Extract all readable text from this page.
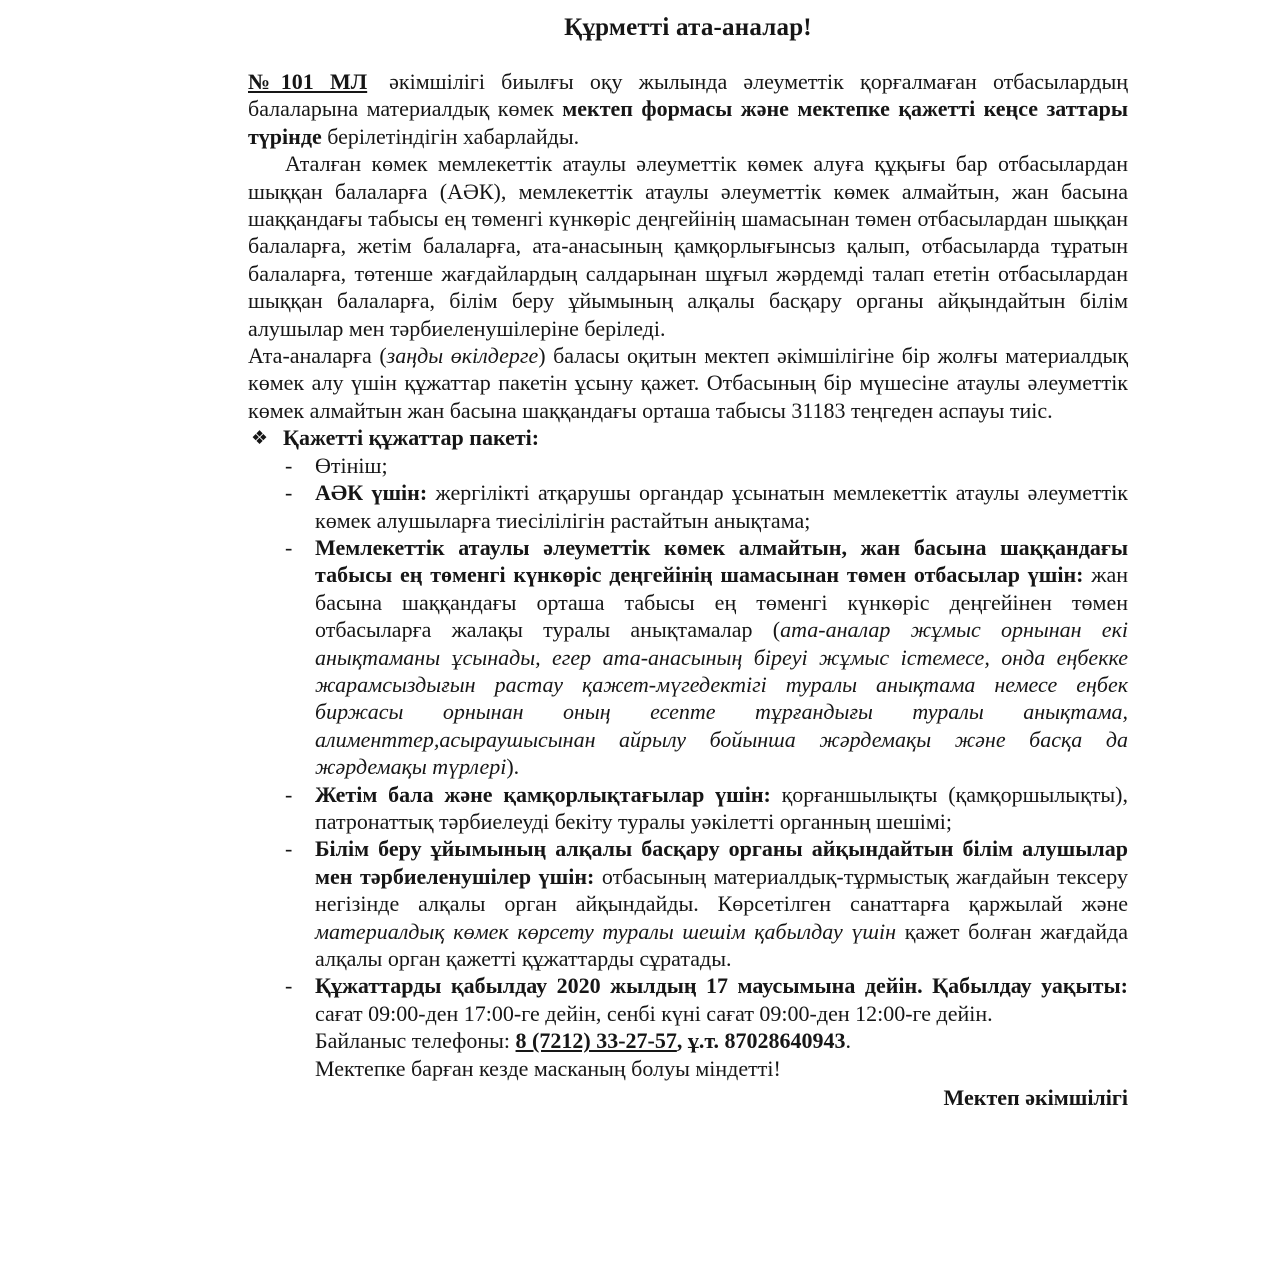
Құрметті ата-аналар!
№101 МЛ әкімшілігі биылғы оқу жылында әлеуметтік қорғалмаған отбасылардың балаларына материалдық көмек мектеп формасы және мектепке қажетті кеңсе заттары түрінде берілетіндігін хабарлайды.
Аталған көмек мемлекеттік атаулы әлеуметтік көмек алуға құқығы бар отбасылардан шыққан балаларға (АӘК), мемлекеттік атаулы әлеуметтік көмек алмайтын, жан басына шаққандағы табысы ең төменгі күнкөріс деңгейінің шамасынан төмен отбасылардан шыққан балаларға, жетім балаларға, ата-анасының қамқорлығынсыз қалып, отбасыларда тұратын балаларға, төтенше жағдайлардың салдарынан шұғыл жәрдемді талап ететін отбасылардан шыққан балаларға, білім беру ұйымының алқалы басқару органы айқындайтын білім алушылар мен тәрбиеленушілеріне беріледі.
Ата-аналарға (заңды өкілдерге) баласы оқитын мектеп әкімшілігіне бір жолғы материалдық көмек алу үшін құжаттар пакетін ұсыну қажет. Отбасының бір мүшесіне атаулы әлеуметтік көмек алмайтын жан басына шаққандағы орташа табысы 31183 теңгеден аспауы тиіс.
❖ Қажетті құжаттар пакеті:
- Өтініш;
- АӘК үшін: жергілікті атқарушы органдар ұсынатын мемлекеттік атаулы әлеуметтік көмек алушыларға тиесілілігін растайтын анықтама;
- Мемлекеттік атаулы әлеуметтік көмек алмайтын, жан басына шаққандағы табысы ең төменгі күнкөріс деңгейінің шамасынан төмен отбасылар үшін: жан басына шаққандағы орташа табысы ең төменгі күнкөріс деңгейінен төмен отбасыларға жалақы туралы анықтамалар (ата-аналар жұмыс орнынан екі анықтаманы ұсынады, егер ата-анасының біреуі жұмыс істемесе, онда еңбекке жарамсыздығын растау қажет-мүгедектігі туралы анықтама немесе еңбек биржасы орнынан оның есепте тұрғандығы туралы анықтама, алименттер,асыраушысынан айрылу бойынша жәрдемақы және басқа да жәрдемақы түрлері).
- Жетім бала және қамқорлықтағылар үшін: қорғаншылықты (қамқоршылықты), патронаттық тәрбиелеуді бекіту туралы уәкілетті органның шешімі;
- Білім беру ұйымының алқалы басқару органы айқындайтын білім алушылар мен тәрбиеленушілер үшін: отбасының материалдық-тұрмыстық жағдайын тексеру негізінде алқалы орган айқындайды. Көрсетілген санаттарға қаржылай және материалдық көмек көрсету туралы шешім қабылдау үшін қажет болған жағдайда алқалы орган қажетті құжаттарды сұратады.
- Құжаттарды қабылдау 2020 жылдың 17 маусымына дейін. Қабылдау уақыты: сағат 09:00-ден 17:00-ге дейін, сенбі күні сағат 09:00-ден 12:00-ге дейін.
Байланыс телефоны: 8 (7212) 33-27-57, ұ.т. 87028640943.
Мектепке барған кезде масканың болуы міндетті!
Мектеп әкімшілігі
